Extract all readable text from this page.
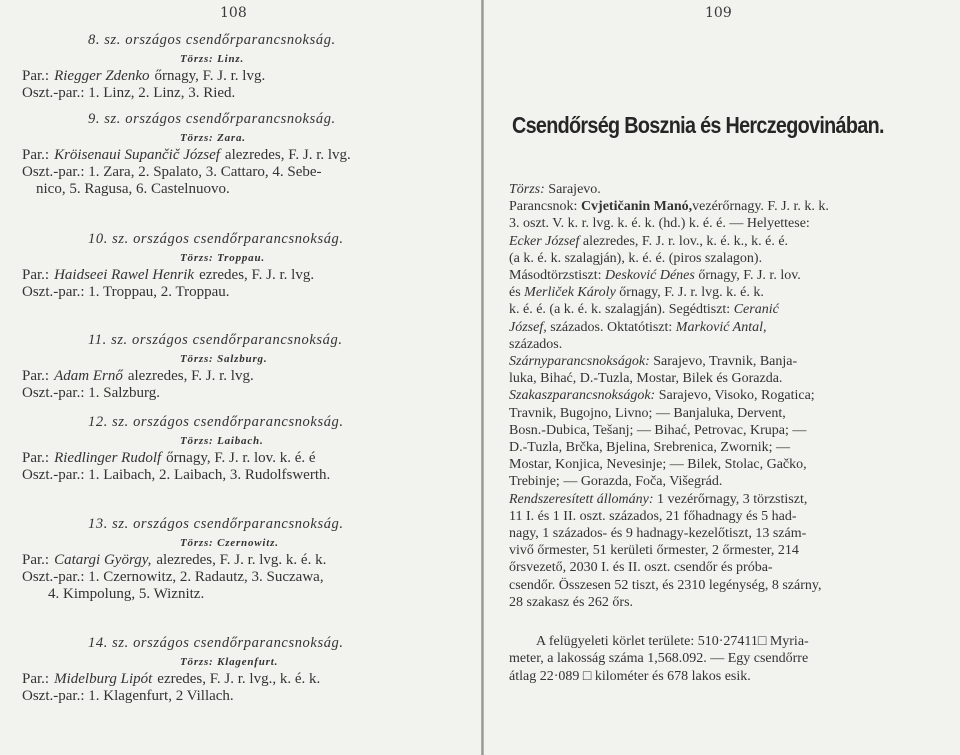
108
8. sz. országos csendőrparancsnokság.
Törzs: Linz.
Par.: Riegger Zdenko őrnagy, F. J. r. lvg.
Oszt.-par.: 1. Linz, 2. Linz, 3. Ried.
9. sz. országos csendőrparancsnokság.
Törzs: Zara.
Par.: Kröisenaui Supančič József alezredes, F. J. r. lvg.
Oszt.-par.: 1. Zara, 2. Spalato, 3. Cattaro, 4. Sebe-
nico, 5. Ragusa, 6. Castelnuovo.
10. sz. országos csendőrparancsnokság.
Törzs: Troppau.
Par.: Haidseei Rawel Henrik ezredes, F. J. r. lvg.
Oszt.-par.: 1. Troppau, 2. Troppau.
11. sz. országos csendőrparancsnokság.
Törzs: Salzburg.
Par.: Adam Ernő alezredes, F. J. r. lvg.
Oszt.-par.: 1. Salzburg.
12. sz. országos csendőrparancsnokság.
Törzs: Laibach.
Par.: Riedlinger Rudolf őrnagy, F. J. r. lov. k. é. é
Oszt.-par.: 1. Laibach, 2. Laibach, 3. Rudolfswerth.
13. sz. országos csendőrparancsnokság.
Törzs: Czernowitz.
Par.: Catargi György, alezredes, F. J. r. lvg. k. é. k.
Oszt.-par.: 1. Czernowitz, 2. Radautz, 3. Suczawa,
4. Kimpolung, 5. Wiznitz.
14. sz. országos csendőrparancsnokság.
Törzs: Klagenfurt.
Par.: Midelburg Lipót ezredes, F. J. r. lvg., k. é. k.
Oszt.-par.: 1. Klagenfurt, 2 Villach.
109
Csendőrség Bosznia és Herczegovinában.
Törzs: Sarajevo.
Parancsnok: Cvjetičanin Manó,vezérőrnagy. F. J. r. k. k.
3. oszt. V. k. r. lvg. k. é. k. (hd.) k. é. é. — Helyettese:
Ecker József alezredes, F. J. r. lov., k. é. k., k. é. é.
(a k. é. k. szalagján), k. é. é. (piros szalagon).
Másodtörzstiszt: Desković Dénes őrnagy, F. J. r. lov.
és Merliček Károly őrnagy, F. J. r. lvg. k. é. k.
k. é. é. (a k. é. k. szalagján). Segédtiszt: Ceranić
József, százados. Oktatótiszt: Marković Antal,
százados.
Szárnyparancsnokságok: Sarajevo, Travnik, Banja-
luka, Bihać, D.-Tuzla, Mostar, Bilek és Gorazda.
Szakaszparancsnokságok: Sarajevo, Visoko, Rogatica;
Travnik, Bugojno, Livno; — Banjaluka, Dervent,
Bosn.-Dubica, Tešanj; — Bihać, Petrovac, Krupa; —
D.-Tuzla, Brčka, Bjelina, Srebrenica, Zwornik; —
Mostar, Konjica, Nevesinje; — Bilek, Stolac, Gačko,
Trebinje; — Gorazda, Foča, Višegrád.
Rendszeresített állomány: 1 vezérőrnagy, 3 törzstiszt,
11 I. és 1 II. oszt. százados, 21 főhadnagy és 5 had-
nagy, 1 százados- és 9 hadnagy-kezelőtiszt, 13 szám-
vivő őrmester, 51 kerületi őrmester, 2 őrmester, 214
őrsvezető, 2030 I. és II. oszt. csendőr és próba-
csendőr. Összesen 52 tiszt, és 2310 legénység, 8 szárny,
28 szakasz és 262 őrs.
A felügyeleti körlet területe: 510·27411□ Myria-
meter, a lakosság száma 1,568.092. — Egy csendőrre
átlag 22·089 □ kilométer és 678 lakos esik.
